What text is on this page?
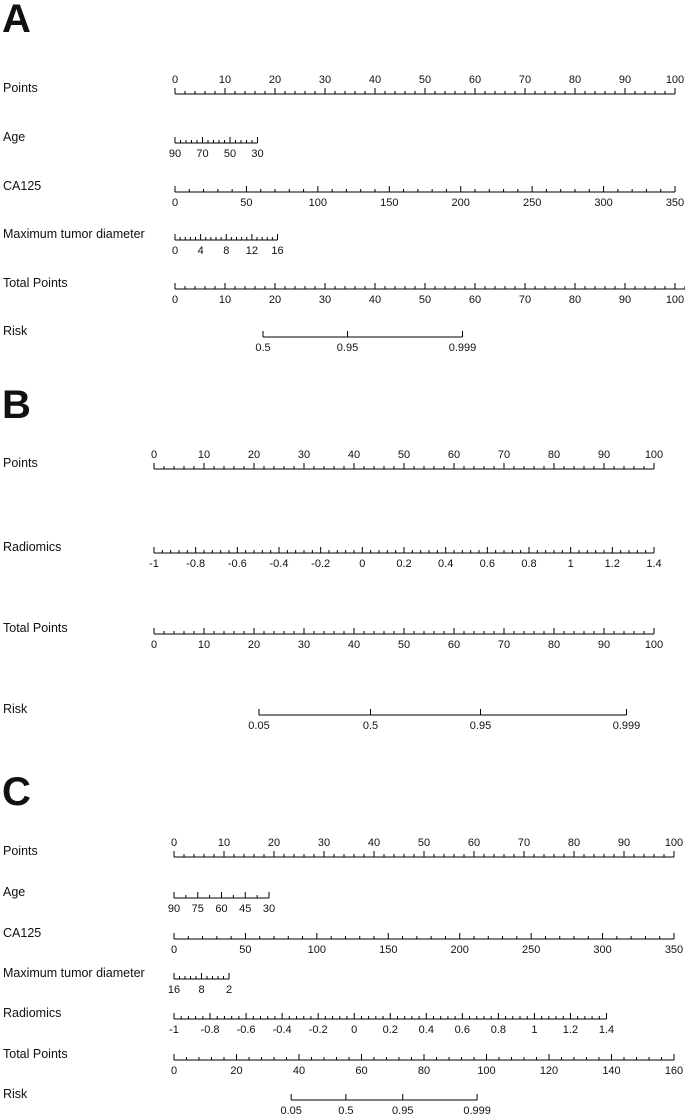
A
Points
0	10	20	30	40	50	60	70	80	90	100
Age
90 70 50 30
CA125
0	50	100	150	200	250	300	350
Maximum tumor diameter
0 4 8 12 16
Total Points
0	10	20	30	40	50	60	70	80	90	100
Risk
0.5	0.95	0.999
B
Points
0	10	20	30	40	50	60	70	80	90	100
Radiomics
-1 -0.8 -0.6 -0.4 -0.2	0	0.2 0.4 0.6 0.8	1	1.2 1.4
Total Points
0	10	20	30	40	50	60	70	80	90	100
Risk
0.05	0.5	0.95	0.999
C
Points
0	10	20	30	40	50	60	70	80	90	100
Age
90 75 60 45 30
CA125
0	50	100	150	200	250	300	350
Maximum tumor diameter
16 8 2
Radiomics
-1 -0.8 -0.6 -0.4 -0.2 0 0.2 0.4 0.6 0.8 1 1.2 1.4
Total Points
0	20	40	60	80	100	120	140	160
Risk
0.05	0.5	0.95	0.999
